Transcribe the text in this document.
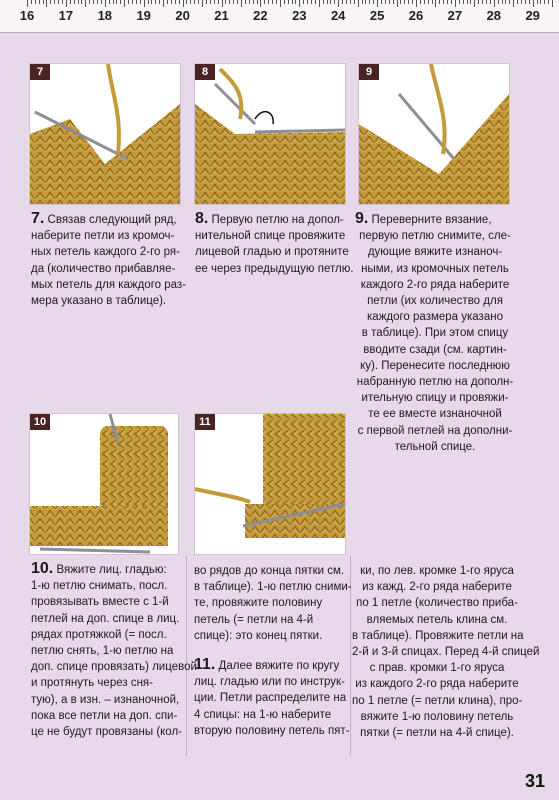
16	17	18	19	20	21	22	23	24	25	26	27	28	29
7	8	9
7. Связав следующий ряд,
наберите петли из кромоч-
ных петель каждого 2-го ря-
да (количество прибавляе-
мых петель для каждого раз-
мера указано в таблице).
8. Первую петлю на допол-
нительной спице провяжите
лицевой гладью и протяните
ее через предыдущую петлю.
9. Переверните вязание,
первую петлю снимите, сле-
дующие вяжите изнаноч-
ными, из кромочных петель
каждого 2-го ряда наберите
петли (их количество для
каждого размера указано
в таблице). При этом спицу
вводите сзади (см. картин-
ку). Перенесите последнюю
набранную петлю на дополн-
ительную спицу и провяжи-
те ее вместе изнаночной
с первой петлей на дополни-
тельной спице.
10	11
10. Вяжите лиц. гладью:
1-ю петлю снимать, посл.
провязывать вместе с 1-й
петлей на доп. спице в лиц.
рядах протяжкой (= посл.
петлю снять, 1-ю петлю на
доп. спице провязать) лицевой
и протянуть через сня-
тую), а в изн. – изнаночной,
пока все петли на доп. спи-
це не будут провязаны (кол-
во рядов до конца пятки см.
в таблице). 1-ю петлю сними-
те, провяжите половину
петель (= петли на 4-й
спице): это конец пятки.
11. Далее вяжите по кругу
лиц. гладью или по инструк-
ции. Петли распределите на
4 спицы: на 1-ю наберите
вторую половину петель пят-
ки, по лев. кромке 1-го яруса
из кажд. 2-го ряда наберите
по 1 петле (количество приба-
вляемых петель клина см.
в таблице). Провяжите петли на
2-й и 3-й спицах. Перед 4-й спицей
с прав. кромки 1-го яруса
из каждого 2-го ряда наберите
по 1 петле (= петли клина), про-
вяжите 1-ю половину петель
пятки (= петли на 4-й спице).
31
